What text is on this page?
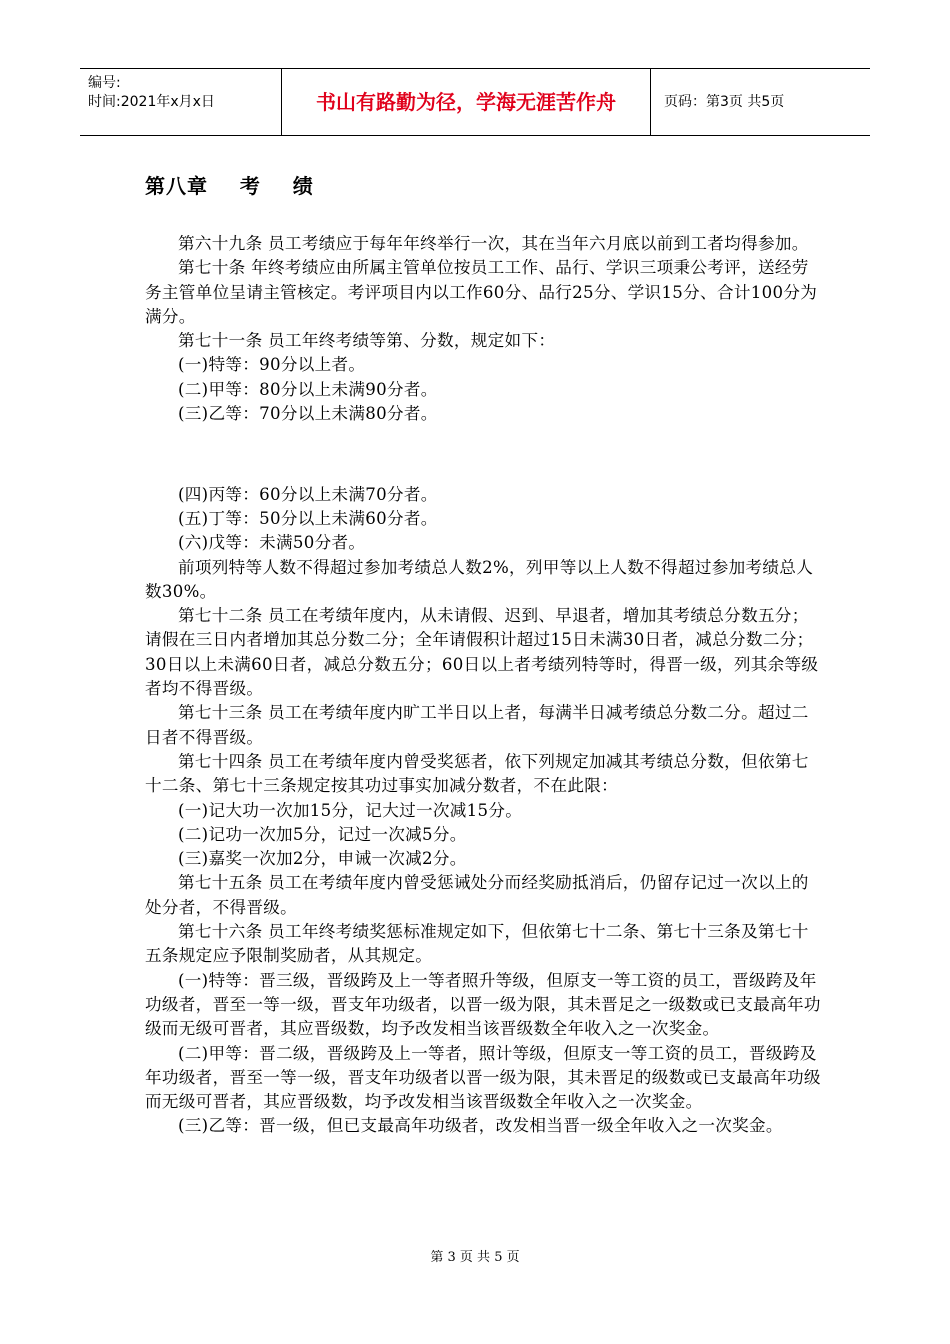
编号:
时间:2021年x月x日	书山有路勤为径，学海无涯苦作舟	页码：第3页 共5页
第八章    考    绩

第六十九条 员工考绩应于每年年终举行一次，其在当年六月底以前到工者均得参加。

第七十条 年终考绩应由所属主管单位按员工工作、品行、学识三项秉公考评，送经劳务主管单位呈请主管核定。考评项目内以工作60分、品行25分、学识15分、合计100分为满分。

第七十一条 员工年终考绩等第、分数，规定如下：

(一)特等：90分以上者。

(二)甲等：80分以上未满90分者。

(三)乙等：70分以上未满80分者。

(四)丙等：60分以上未满70分者。

(五)丁等：50分以上未满60分者。

(六)戊等：未满50分者。

前项列特等人数不得超过参加考绩总人数2%，列甲等以上人数不得超过参加考绩总人数30%。

第七十二条 员工在考绩年度内，从未请假、迟到、早退者，增加其考绩总分数五分；请假在三日内者增加其总分数二分；全年请假积计超过15日未满30日者，减总分数二分；30日以上未满60日者，减总分数五分；60日以上者考绩列特等时，得晋一级，列其余等级者均不得晋级。

第七十三条 员工在考绩年度内旷工半日以上者，每满半日减考绩总分数二分。超过二日者不得晋级。

第七十四条 员工在考绩年度内曾受奖惩者，依下列规定加减其考绩总分数，但依第七十二条、第七十三条规定按其功过事实加减分数者，不在此限：

(一)记大功一次加15分，记大过一次减15分。

(二)记功一次加5分，记过一次减5分。

(三)嘉奖一次加2分，申诫一次减2分。

第七十五条 员工在考绩年度内曾受惩诫处分而经奖励抵消后，仍留存记过一次以上的处分者，不得晋级。

第七十六条 员工年终考绩奖惩标准规定如下，但依第七十二条、第七十三条及第七十五条规定应予限制奖励者，从其规定。

(一)特等：晋三级，晋级跨及上一等者照升等级，但原支一等工资的员工，晋级跨及年功级者，晋至一等一级，晋支年功级者，以晋一级为限，其未晋足之一级数或已支最高年功级而无级可晋者，其应晋级数，均予改发相当该晋级数全年收入之一次奖金。

(二)甲等：晋二级，晋级跨及上一等者，照计等级，但原支一等工资的员工，晋级跨及年功级者，晋至一等一级，晋支年功级者以晋一级为限，其未晋足的级数或已支最高年功级而无级可晋者，其应晋级数，均予改发相当该晋级数全年收入之一次奖金。

(三)乙等：晋一级，但已支最高年功级者，改发相当晋一级全年收入之一次奖金。

第 3 页 共 5 页
